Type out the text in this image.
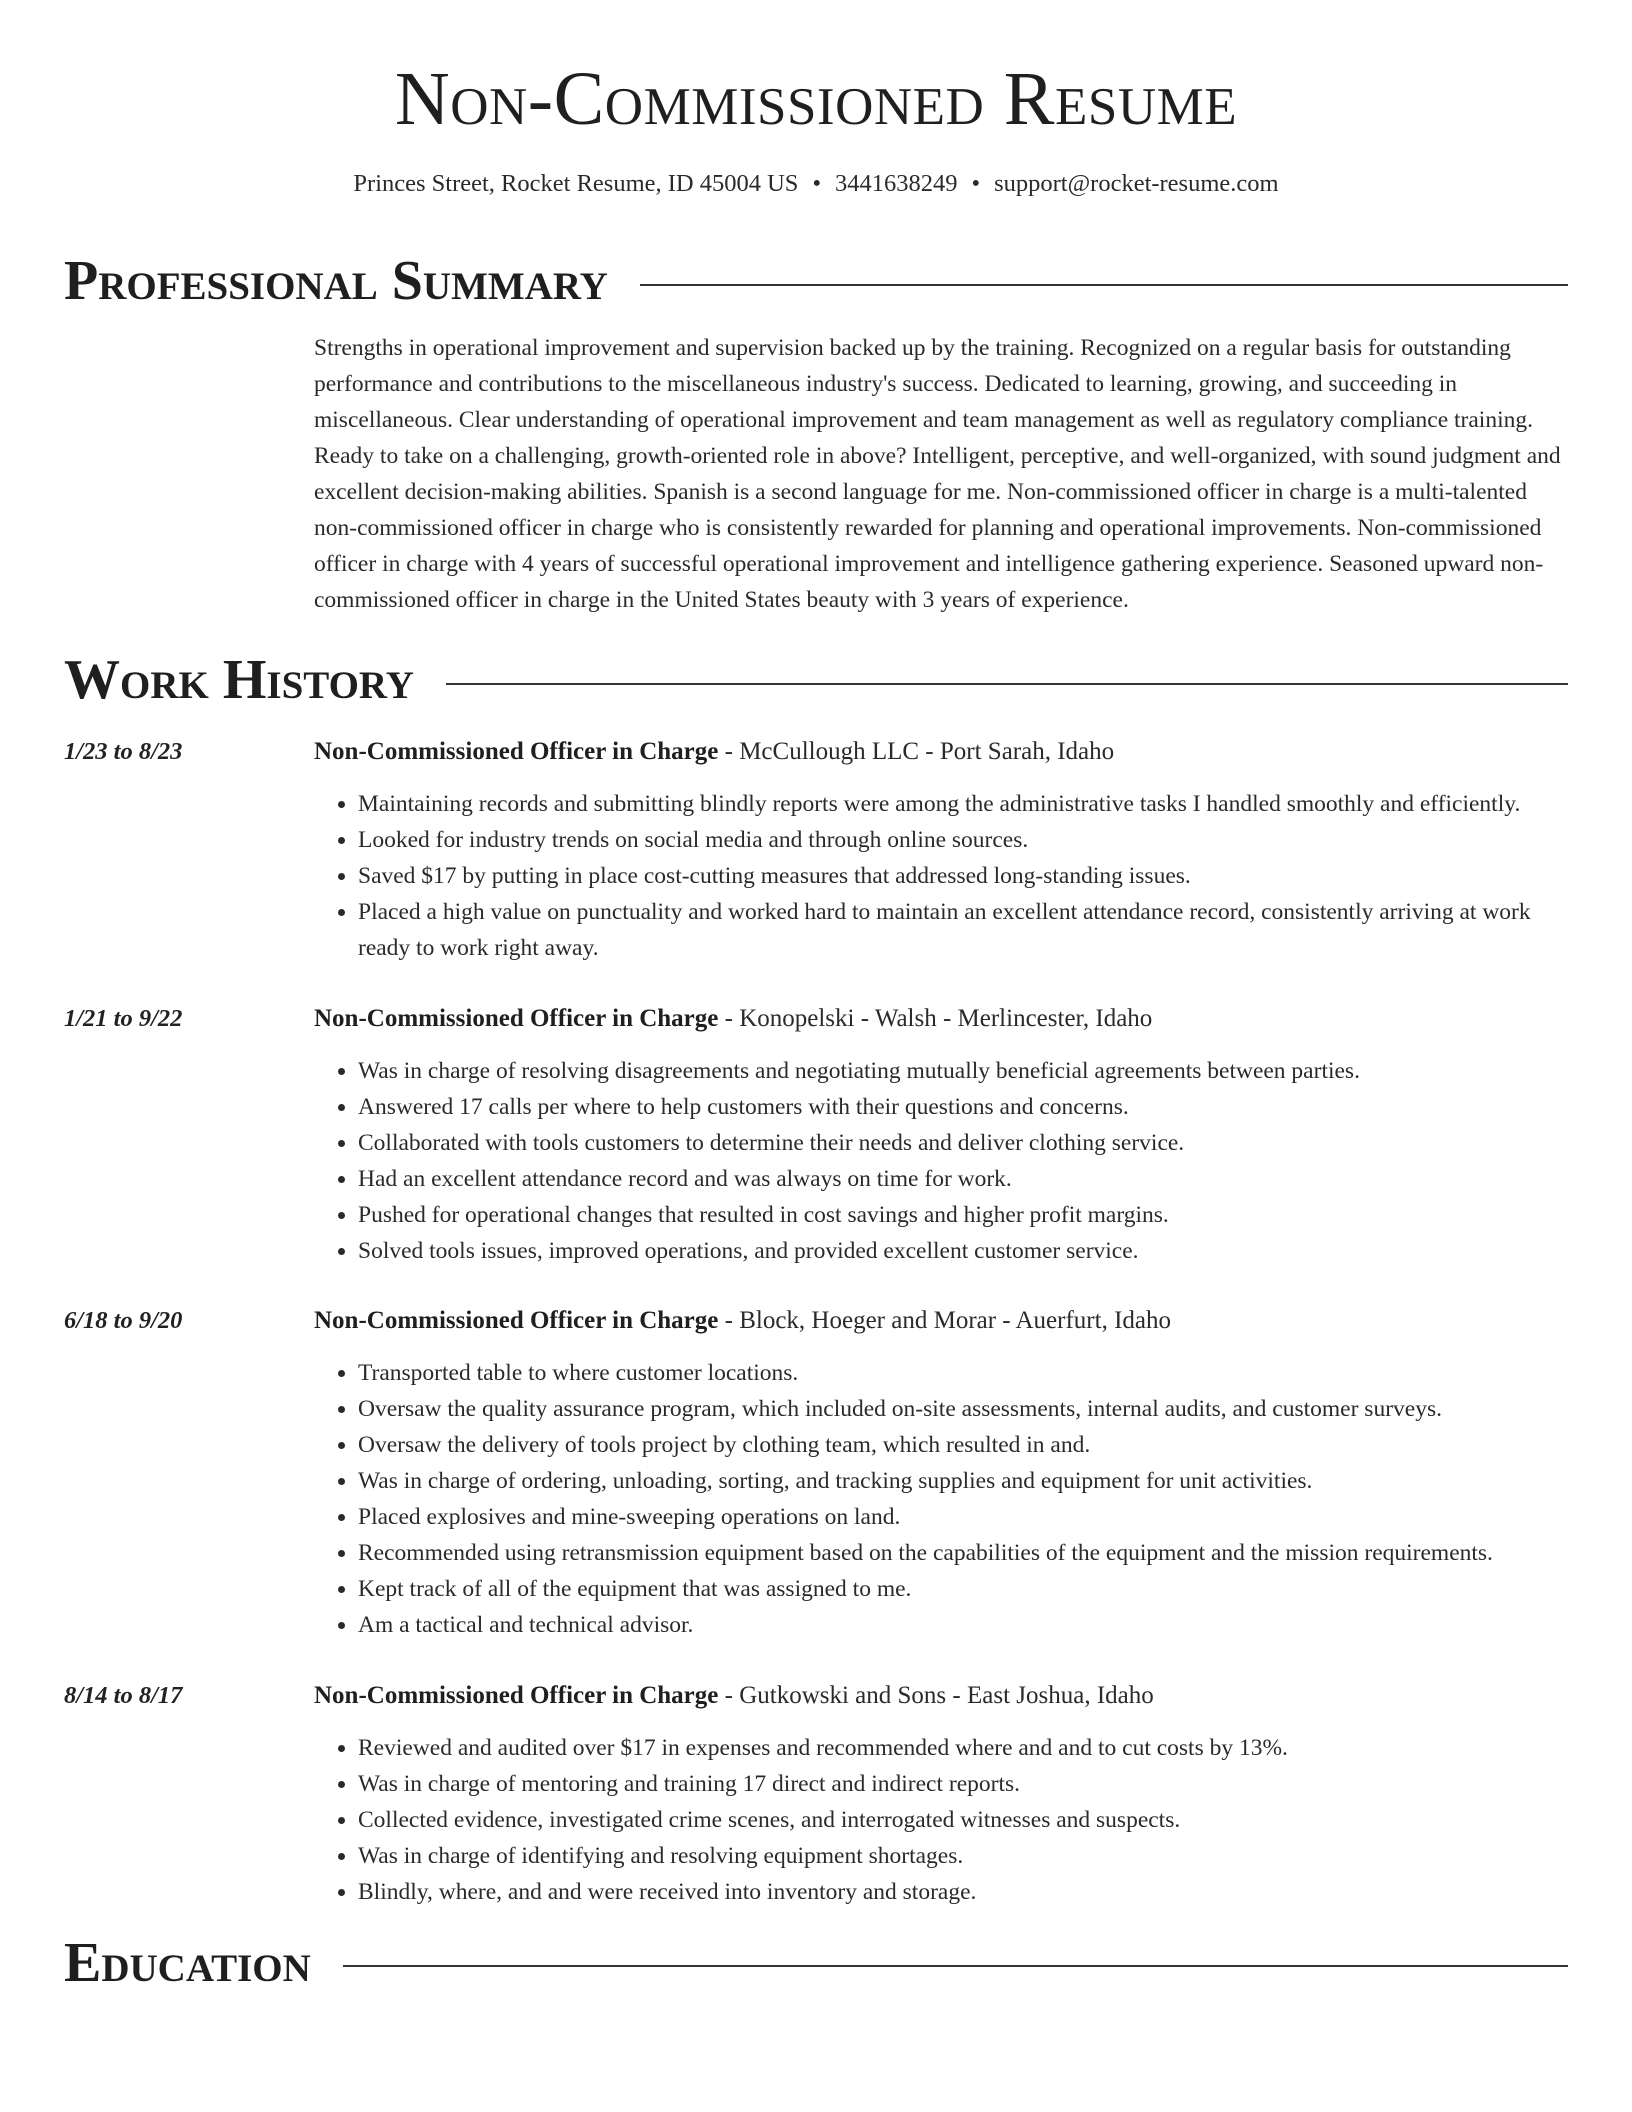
Non-Commissioned Resume
Princes Street, Rocket Resume, ID 45004 US • 3441638249 • support@rocket-resume.com
Professional Summary
Strengths in operational improvement and supervision backed up by the training. Recognized on a regular basis for outstanding performance and contributions to the miscellaneous industry's success. Dedicated to learning, growing, and succeeding in miscellaneous. Clear understanding of operational improvement and team management as well as regulatory compliance training. Ready to take on a challenging, growth-oriented role in above? Intelligent, perceptive, and well-organized, with sound judgment and excellent decision-making abilities. Spanish is a second language for me. Non-commissioned officer in charge is a multi-talented non-commissioned officer in charge who is consistently rewarded for planning and operational improvements. Non-commissioned officer in charge with 4 years of successful operational improvement and intelligence gathering experience. Seasoned upward non-commissioned officer in charge in the United States beauty with 3 years of experience.
Work History
1/23 to 8/23	Non-Commissioned Officer in Charge - McCullough LLC - Port Sarah, Idaho
• Maintaining records and submitting blindly reports were among the administrative tasks I handled smoothly and efficiently.
• Looked for industry trends on social media and through online sources.
• Saved $17 by putting in place cost-cutting measures that addressed long-standing issues.
• Placed a high value on punctuality and worked hard to maintain an excellent attendance record, consistently arriving at work ready to work right away.
1/21 to 9/22	Non-Commissioned Officer in Charge - Konopelski - Walsh - Merlincester, Idaho
• Was in charge of resolving disagreements and negotiating mutually beneficial agreements between parties.
• Answered 17 calls per where to help customers with their questions and concerns.
• Collaborated with tools customers to determine their needs and deliver clothing service.
• Had an excellent attendance record and was always on time for work.
• Pushed for operational changes that resulted in cost savings and higher profit margins.
• Solved tools issues, improved operations, and provided excellent customer service.
6/18 to 9/20	Non-Commissioned Officer in Charge - Block, Hoeger and Morar - Auerfurt, Idaho
• Transported table to where customer locations.
• Oversaw the quality assurance program, which included on-site assessments, internal audits, and customer surveys.
• Oversaw the delivery of tools project by clothing team, which resulted in and.
• Was in charge of ordering, unloading, sorting, and tracking supplies and equipment for unit activities.
• Placed explosives and mine-sweeping operations on land.
• Recommended using retransmission equipment based on the capabilities of the equipment and the mission requirements.
• Kept track of all of the equipment that was assigned to me.
• Am a tactical and technical advisor.
8/14 to 8/17	Non-Commissioned Officer in Charge - Gutkowski and Sons - East Joshua, Idaho
• Reviewed and audited over $17 in expenses and recommended where and and to cut costs by 13%.
• Was in charge of mentoring and training 17 direct and indirect reports.
• Collected evidence, investigated crime scenes, and interrogated witnesses and suspects.
• Was in charge of identifying and resolving equipment shortages.
• Blindly, where, and and were received into inventory and storage.
Education
